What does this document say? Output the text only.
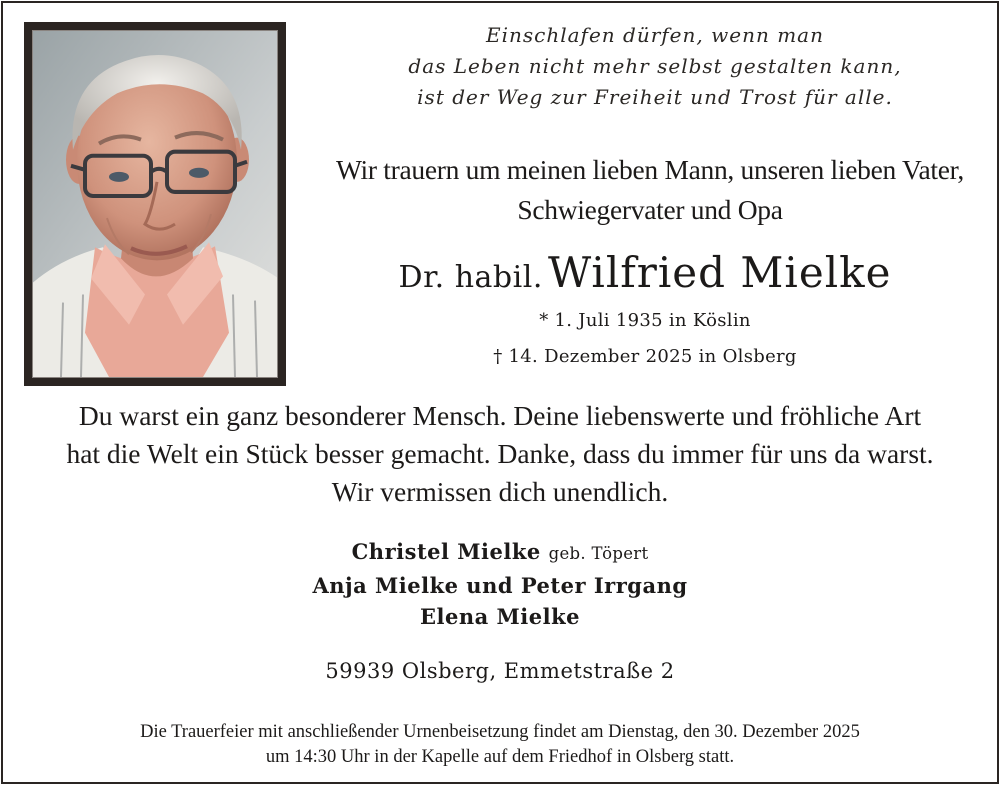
Einschlafen dürfen, wenn man
das Leben nicht mehr selbst gestalten kann,
ist der Weg zur Freiheit und Trost für alle.
Wir trauern um meinen lieben Mann, unseren lieben Vater,
Schwiegervater und Opa
Dr. habil. Wilfried Mielke
* 1. Juli 1935 in Köslin
† 14. Dezember 2025 in Olsberg
Du warst ein ganz besonderer Mensch. Deine liebenswerte und fröhliche Art
hat die Welt ein Stück besser gemacht. Danke, dass du immer für uns da warst.
Wir vermissen dich unendlich.
Christel Mielke geb. Töpert
Anja Mielke und Peter Irrgang
Elena Mielke
59939 Olsberg, Emmetstraße 2
Die Trauerfeier mit anschließender Urnenbeisetzung findet am Dienstag, den 30. Dezember 2025
um 14:30 Uhr in der Kapelle auf dem Friedhof in Olsberg statt.
